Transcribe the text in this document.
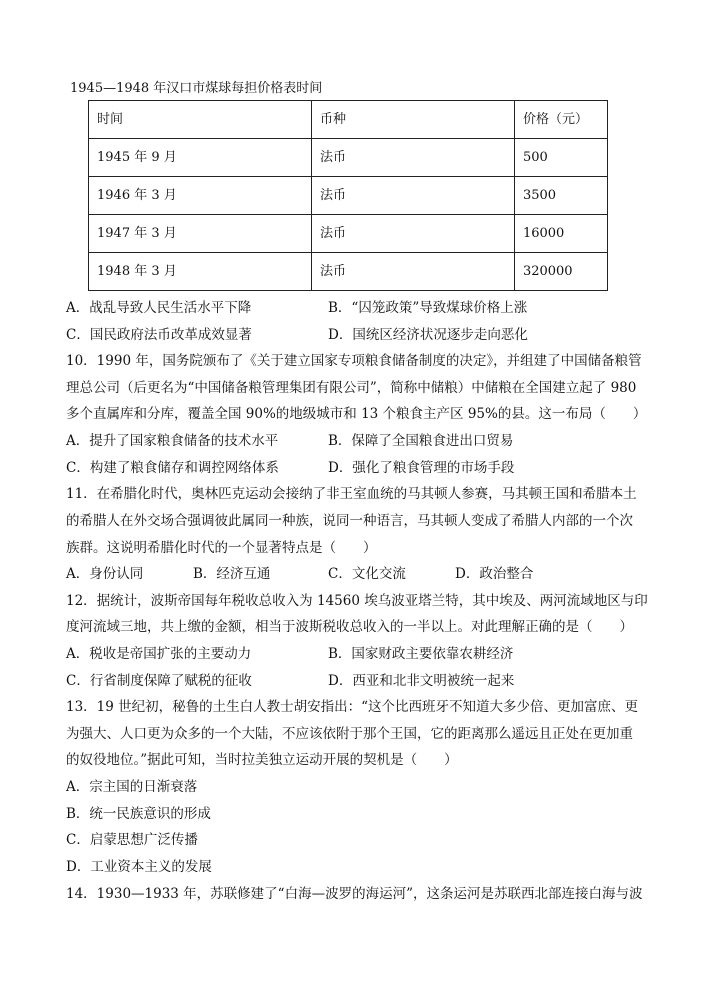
1945—1948 年汉口市煤球每担价格表时间
时间	币种	价格（元）
1945 年 9 月	法币	500
1946 年 3 月	法币	3500
1947 年 3 月	法币	16000
1948 年 3 月	法币	320000
A．战乱导致人民生活水平下降	B．“囚笼政策”导致煤球价格上涨
C．国民政府法币改革成效显著	D．国统区经济状况逐步走向恶化
10．1990 年，国务院颁布了《关于建立国家专项粮食储备制度的决定》，并组建了中国储备粮管
理总公司（后更名为“中国储备粮管理集团有限公司”，简称中储粮）中储粮在全国建立起了 980
多个直属库和分库，覆盖全国 90%的地级城市和 13 个粮食主产区 95%的县。这一布局（　　）
A．提升了国家粮食储备的技术水平	B．保障了全国粮食进出口贸易
C．构建了粮食储存和调控网络体系	D．强化了粮食管理的市场手段
11．在希腊化时代，奥林匹克运动会接纳了非王室血统的马其顿人参赛，马其顿王国和希腊本土
的希腊人在外交场合强调彼此属同一种族，说同一种语言，马其顿人变成了希腊人内部的一个次
族群。这说明希腊化时代的一个显著特点是（　　）
A．身份认同	B．经济互通	C．文化交流	D．政治整合
12．据统计，波斯帝国每年税收总收入为 14560 埃乌波亚塔兰特，其中埃及、两河流域地区与印
度河流域三地，共上缴的金额，相当于波斯税收总收入的一半以上。对此理解正确的是（　　）
A．税收是帝国扩张的主要动力	B．国家财政主要依靠农耕经济
C．行省制度保障了赋税的征收	D．西亚和北非文明被统一起来
13．19 世纪初，秘鲁的土生白人教士胡安指出：“这个比西班牙不知道大多少倍、更加富庶、更
为强大、人口更为众多的一个大陆，不应该依附于那个王国，它的距离那么遥远且正处在更加重
的奴役地位。”据此可知，当时拉美独立运动开展的契机是（　　）
A．宗主国的日渐衰落
B．统一民族意识的形成
C．启蒙思想广泛传播
D．工业资本主义的发展
14．1930—1933 年，苏联修建了“白海—波罗的海运河”，这条运河是苏联西北部连接白海与波
